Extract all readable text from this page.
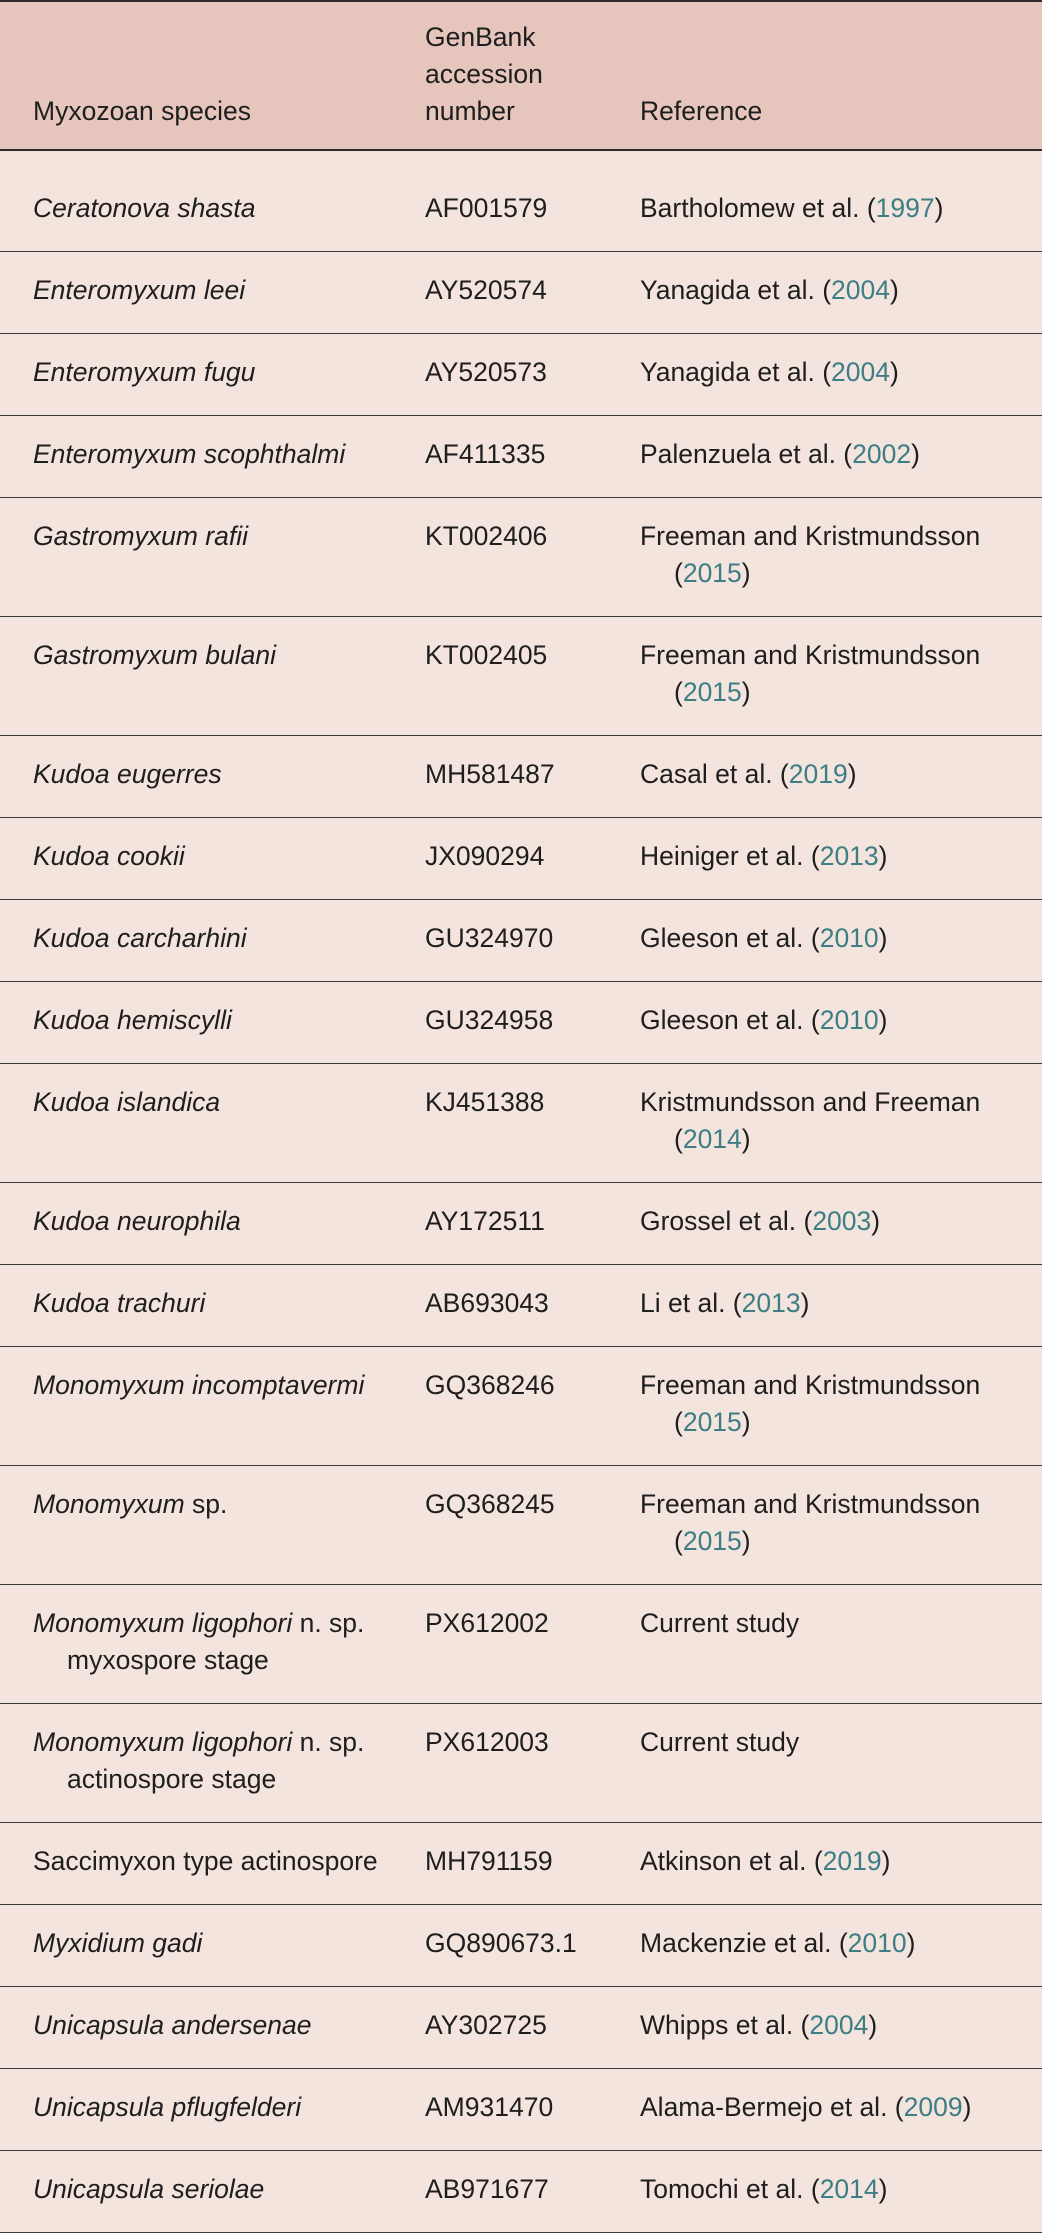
Myxozoan species	GenBank accession number	Reference

Ceratonova shasta	AF001579	Bartholomew et al. (1997)

Enteromyxum leei	AY520574	Yanagida et al. (2004)

Enteromyxum fugu	AY520573	Yanagida et al. (2004)

Enteromyxum scophthalmi	AF411335	Palenzuela et al. (2002)

Gastromyxum rafii	KT002406	Freeman and Kristmundsson (2015)

Gastromyxum bulani	KT002405	Freeman and Kristmundsson (2015)

Kudoa eugerres	MH581487	Casal et al. (2019)

Kudoa cookii	JX090294	Heiniger et al. (2013)

Kudoa carcharhini	GU324970	Gleeson et al. (2010)

Kudoa hemiscylli	GU324958	Gleeson et al. (2010)

Kudoa islandica	KJ451388	Kristmundsson and Freeman (2014)

Kudoa neurophila	AY172511	Grossel et al. (2003)

Kudoa trachuri	AB693043	Li et al. (2013)

Monomyxum incomptavermi	GQ368246	Freeman and Kristmundsson (2015)

Monomyxum sp.	GQ368245	Freeman and Kristmundsson (2015)

Monomyxum ligophori n. sp. myxospore stage	PX612002	Current study

Monomyxum ligophori n. sp. actinospore stage	PX612003	Current study

Saccimyxon type actinospore	MH791159	Atkinson et al. (2019)

Myxidium gadi	GQ890673.1	Mackenzie et al. (2010)

Unicapsula andersenae	AY302725	Whipps et al. (2004)

Unicapsula pflugfelderi	AM931470	Alama-Bermejo et al. (2009)

Unicapsula seriolae	AB971677	Tomochi et al. (2014)
